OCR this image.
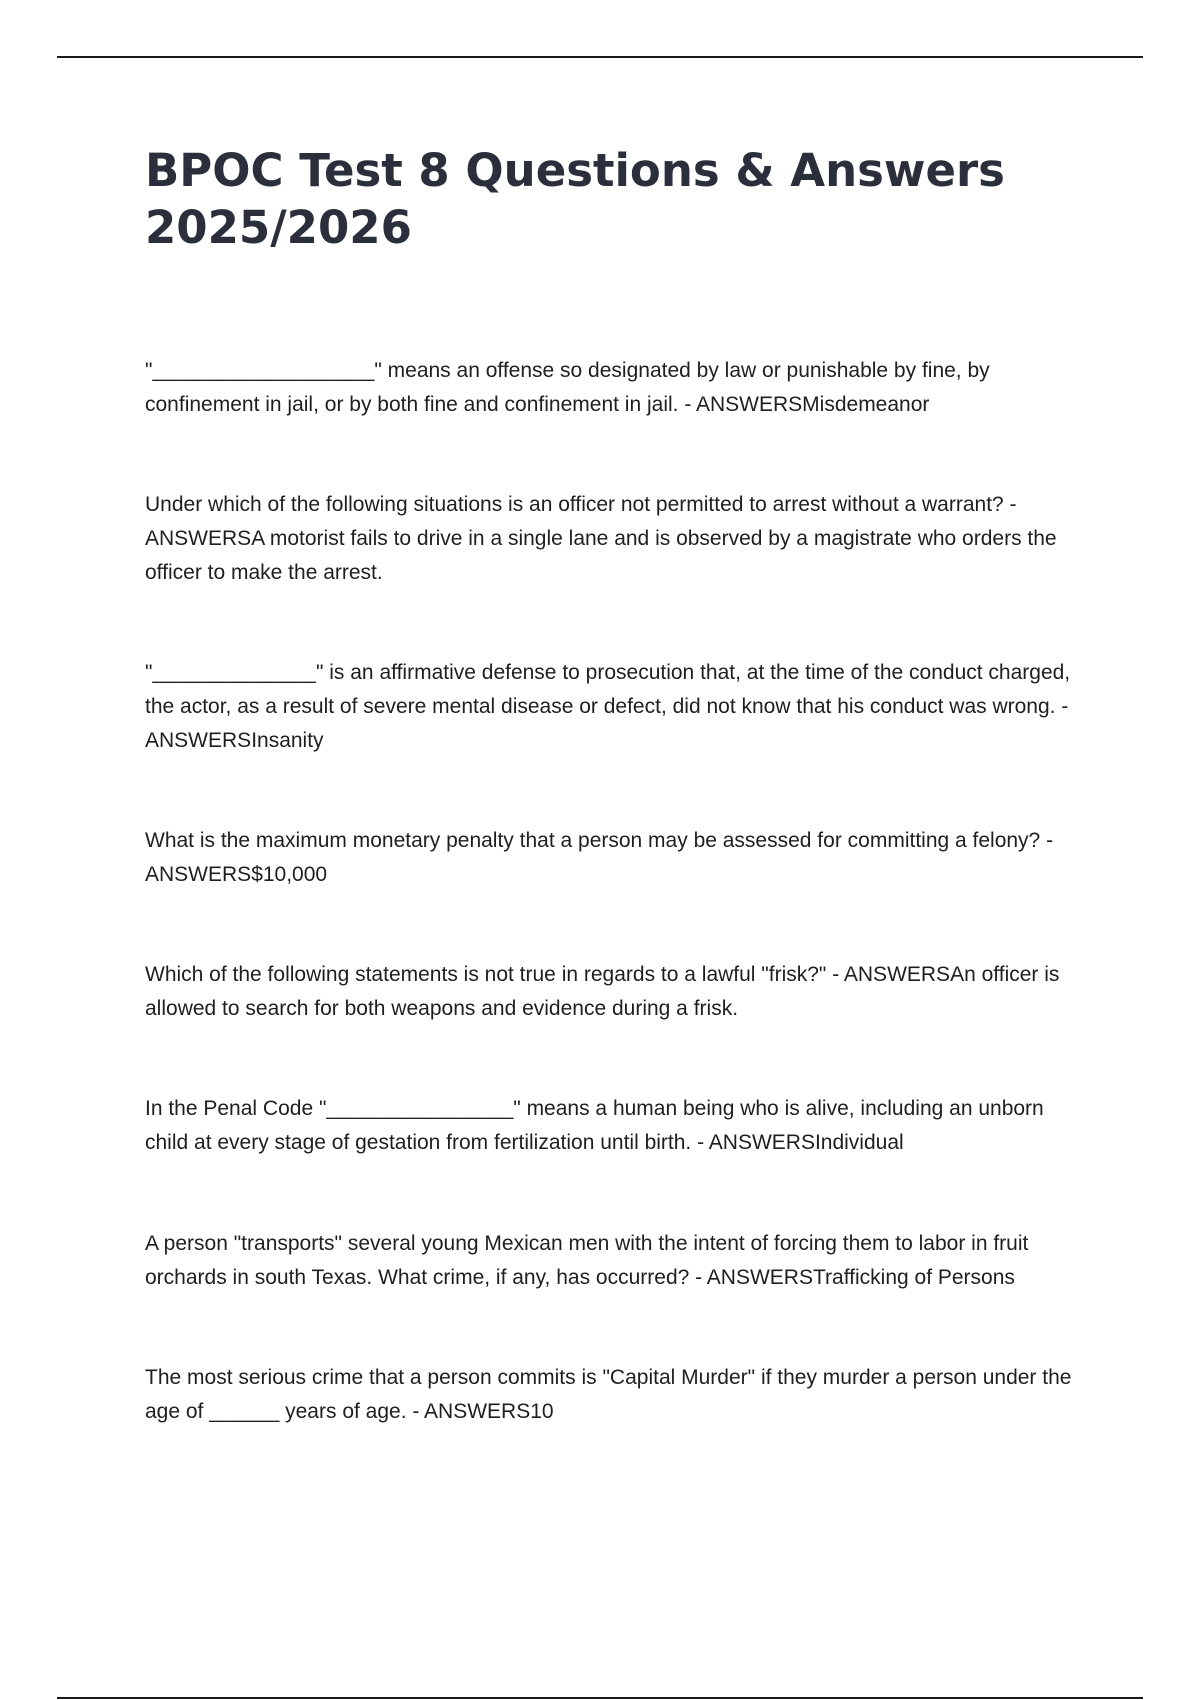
BPOC Test 8 Questions & Answers 2025/2026

"___________________" means an offense so designated by law or punishable by fine, by confinement in jail, or by both fine and confinement in jail. - ANSWERSMisdemeanor

Under which of the following situations is an officer not permitted to arrest without a warrant? - ANSWERSA motorist fails to drive in a single lane and is observed by a magistrate who orders the officer to make the arrest.

"______________" is an affirmative defense to prosecution that, at the time of the conduct charged, the actor, as a result of severe mental disease or defect, did not know that his conduct was wrong. - ANSWERSInsanity

What is the maximum monetary penalty that a person may be assessed for committing a felony? - ANSWERS$10,000

Which of the following statements is not true in regards to a lawful "frisk?" - ANSWERSAn officer is allowed to search for both weapons and evidence during a frisk.

In the Penal Code "________________" means a human being who is alive, including an unborn child at every stage of gestation from fertilization until birth. - ANSWERSIndividual

A person "transports" several young Mexican men with the intent of forcing them to labor in fruit orchards in south Texas. What crime, if any, has occurred? - ANSWERSTrafficking of Persons

The most serious crime that a person commits is "Capital Murder" if they murder a person under the age of ______ years of age. - ANSWERS10
